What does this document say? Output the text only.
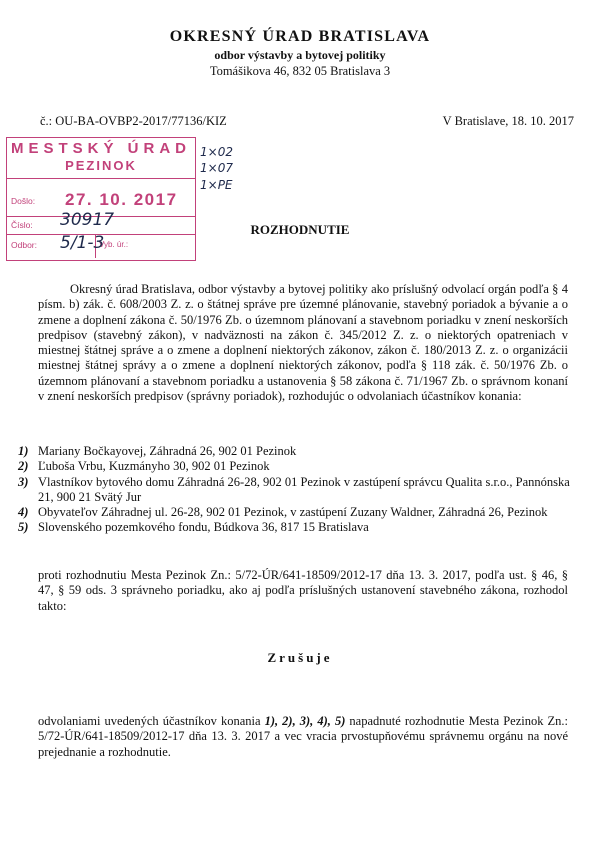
OKRESNÝ ÚRAD BRATISLAVA
odbor výstavby a bytovej politiky
Tomášikova 46, 832 05 Bratislava 3
č.: OU-BA-OVBP2-2017/77136/KIZ	V Bratislave, 18. 10. 2017
MESTSKÝ ÚRAD
PEZINOK
Došlo: 27. 10. 2017
Číslo:
Odbor:	Vyb. úr.:
30917
5/1-3
1×02
1×07
1×PE
ROZHODNUTIE
Okresný úrad Bratislava, odbor výstavby a bytovej politiky ako príslušný odvolací orgán podľa § 4 písm. b) zák. č. 608/2003 Z. z. o štátnej správe pre územné plánovanie, stavebný poriadok a bývanie a o zmene a doplnení zákona č. 50/1976 Zb. o územnom plánovaní a stavebnom poriadku v znení neskorších predpisov (stavebný zákon), v nadväznosti na zákon č. 345/2012 Z. z. o niektorých opatreniach v miestnej štátnej správe a o zmene a doplnení niektorých zákonov, zákon č. 180/2013 Z. z. o organizácii miestnej štátnej správy a o zmene a doplnení niektorých zákonov, podľa § 118 zák. č. 50/1976 Zb. o územnom plánovaní a stavebnom poriadku a ustanovenia § 58 zákona č. 71/1967 Zb. o správnom konaní v znení neskorších predpisov (správny poriadok), rozhodujúc o odvolaniach účastníkov konania:
1) Mariany Bočkayovej, Záhradná 26, 902 01 Pezinok
2) Ľuboša Vrbu, Kuzmányho 30, 902 01 Pezinok
3) Vlastníkov bytového domu Záhradná 26-28, 902 01 Pezinok v zastúpení správcu Qualita s.r.o., Pannónska 21, 900 21 Svätý Jur
4) Obyvateľov Záhradnej ul. 26-28, 902 01 Pezinok, v zastúpení Zuzany Waldner, Záhradná 26, Pezinok
5) Slovenského pozemkového fondu, Búdkova 36, 817 15 Bratislava
proti rozhodnutiu Mesta Pezinok Zn.: 5/72-ÚR/641-18509/2012-17 dňa 13. 3. 2017, podľa ust. § 46, § 47, § 59 ods. 3 správneho poriadku, ako aj podľa príslušných ustanovení stavebného zákona, rozhodol takto:
Zrušuje
odvolaniami uvedených účastníkov konania 1), 2), 3), 4), 5) napadnuté rozhodnutie Mesta Pezinok Zn.: 5/72-ÚR/641-18509/2012-17 dňa 13. 3. 2017 a vec vracia prvostupňovému správnemu orgánu na nové prejednanie a rozhodnutie.
